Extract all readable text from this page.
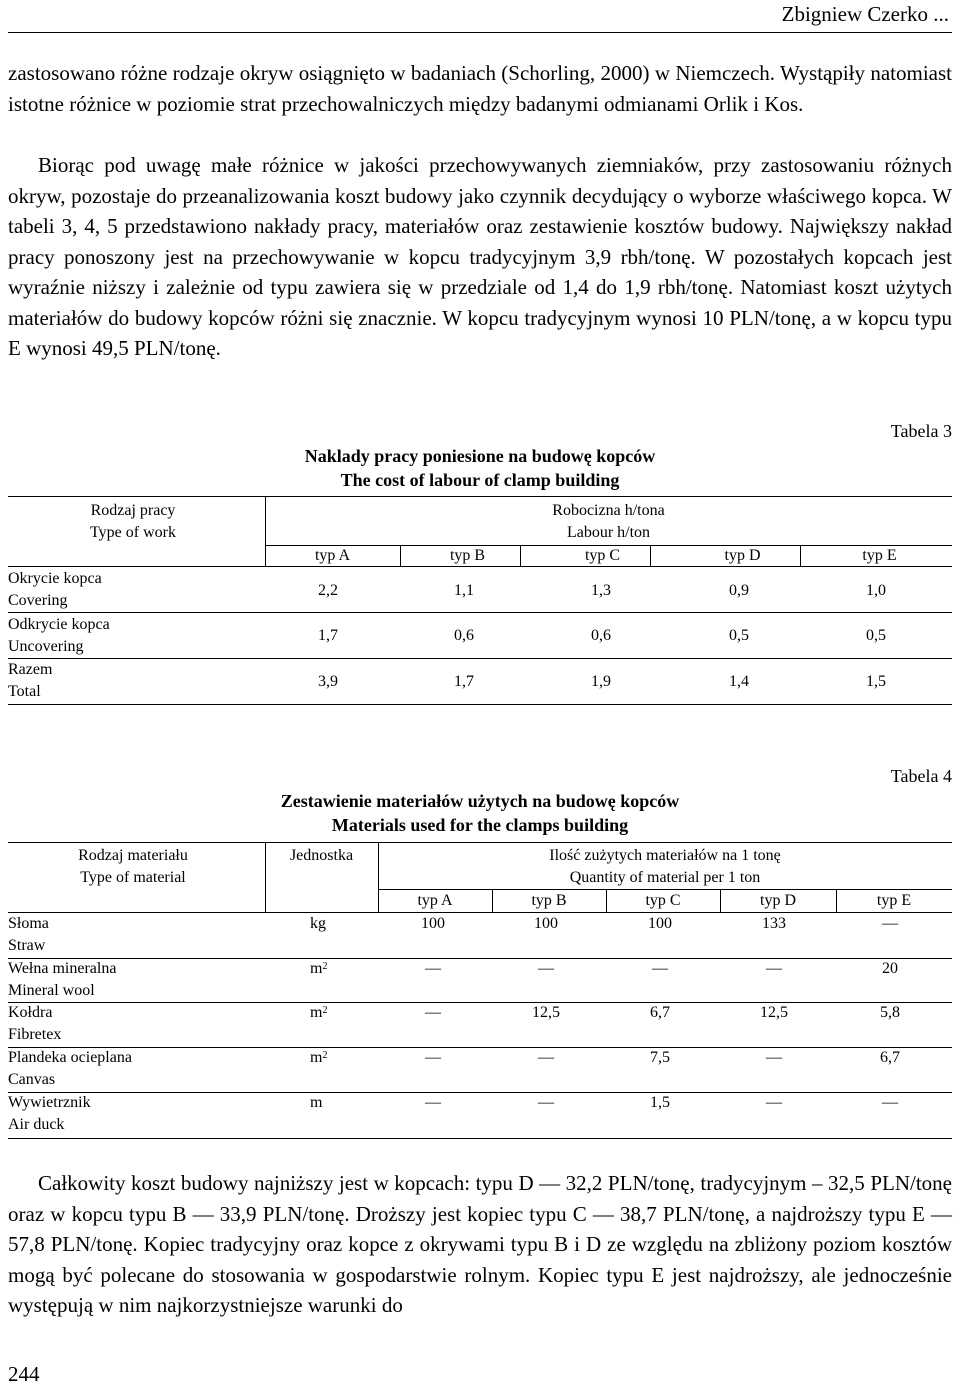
Zbigniew Czerko ...
zastosowano różne rodzaje okryw osiągnięto w badaniach (Schorling, 2000) w Niemczech. Wystąpiły natomiast istotne różnice w poziomie strat przechowalniczych między badanymi odmianami Orlik i Kos.
Biorąc pod uwagę małe różnice w jakości przechowywanych ziemniaków, przy zastosowaniu różnych okryw, pozostaje do przeanalizowania koszt budowy jako czynnik decydujący o wyborze właściwego kopca. W tabeli 3, 4, 5 przedstawiono nakłady pracy, materiałów oraz zestawienie kosztów budowy. Największy nakład pracy ponoszony jest na przechowywanie w kopcu tradycyjnym 3,9 rbh/tonę. W pozostałych kopcach jest wyraźnie niższy i zależnie od typu zawiera się w przedziale od 1,4 do 1,9 rbh/tonę. Natomiast koszt użytych materiałów do budowy kopców różni się znacznie. W kopcu tradycyjnym wynosi 10 PLN/tonę, a w kopcu typu E wynosi 49,5 PLN/tonę.
Tabela 3
Naklady pracy poniesione na budowę kopców
The cost of labour of clamp building
Rodzaj pracy
Type of work
Robocizna h/tona
Labour h/ton
typ A	typ B	typ C	typ D	typ E
Okrycie kopca
Covering
2,2	1,1	1,3	0,9	1,0
Odkrycie kopca
Uncovering
1,7	0,6	0,6	0,5	0,5
Razem
Total
3,9	1,7	1,9	1,4	1,5
Tabela 4
Zestawienie materiałów użytych na budowę kopców
Materials used for the clamps building
Rodzaj materiału
Type of material
Jednostka	Ilość zużytych materiałów na 1 tonę
Quantity of material per 1 ton
typ A	typ B	typ C	typ D	typ E
Słoma
Straw
kg	100	100	100	133	—
Wełna mineralna
Mineral wool
$m^2$	—	—	—	—	20
Kołdra
Fibretex
$m^2$	—	12,5	6,7	12,5	5,8
Plandeka ocieplana
Canvas
$m^2$	—	—	7,5	—	6,7
Wywietrznik
Air duck
m	—	—	1,5	—	—
Całkowity koszt budowy najniższy jest w kopcach: typu D — 32,2 PLN/tonę, tradycyjnym – 32,5 PLN/tonę oraz w kopcu typu B — 33,9 PLN/tonę. Droższy jest kopiec typu C — 38,7 PLN/tonę, a najdroższy typu E — 57,8 PLN/tonę. Kopiec tradycyjny oraz kopce z okrywami typu B i D ze względu na zbliżony poziom kosztów mogą być polecane do stosowania w gospodarstwie rolnym. Kopiec typu E jest najdroższy, ale jednocześnie występują w nim najkorzystniejsze warunki do
244
